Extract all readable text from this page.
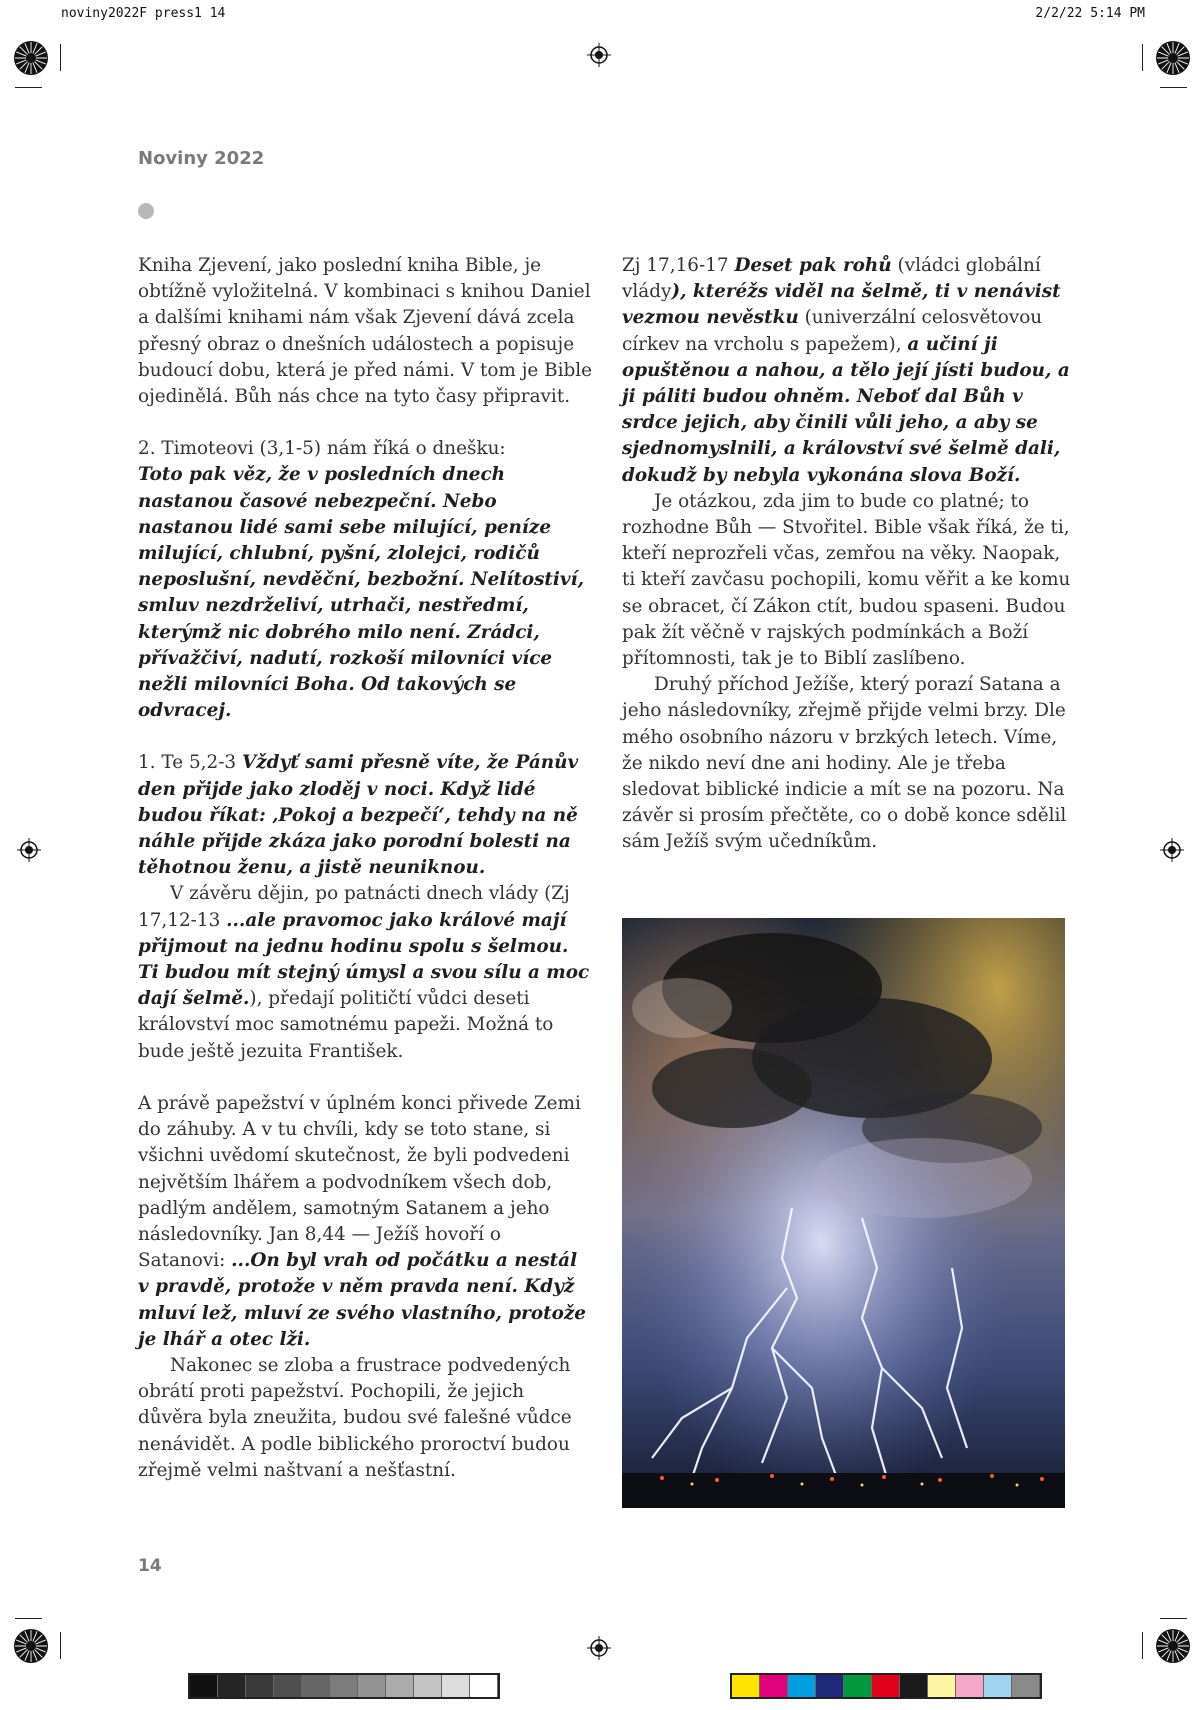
noviny2022F press1 14	2/2/22 5:14 PM
Noviny 2022

Kniha Zjevení, jako poslední kniha Bible, je obtížně vyložitelná. V kombinaci s knihou Daniel a dalšími knihami nám však Zjevení dává zcela přesný obraz o dnešních událostech a popisuje budoucí dobu, která je před námi. V tom je Bible ojedinělá. Bůh nás chce na tyto časy připravit.

2. Timoteovi (3,1-5) nám říká o dnešku:
Toto pak věz, že v posledních dnech nastanou časové nebezpeční. Nebo nastanou lidé sami sebe milující, peníze milující, chlubní, pyšní, zlolejci, rodičů neposlušní, nevděční, bezbožní. Nelítostiví, smluv nezdrželiví, utrhači, nestředmí, kterýmž nic dobrého milo není. Zrádci, přívažčiví, nadutí, rozkoší milovníci více nežli milovníci Boha. Od takových se odvracej.

1. Te 5,2-3 Vždyť sami přesně víte, že Pánův den přijde jako zloděj v noci. Když lidé budou říkat: ‚Pokoj a bezpečí‘, tehdy na ně náhle přijde zkáza jako porodní bolesti na těhotnou ženu, a jistě neuniknou.

V závěru dějin, po patnácti dnech vlády (Zj 17,12-13 ...ale pravomoc jako králové mají přijmout na jednu hodinu spolu s šelmou. Ti budou mít stejný úmysl a svou sílu a moc dají šelmě.), předají političtí vůdci deseti království moc samotnému papeži. Možná to bude ještě jezuita František.

A právě papežství v úplném konci přivede Zemi do záhuby. A v tu chvíli, kdy se toto stane, si všichni uvědomí skutečnost, že byli podvedeni největším lhářem a podvodníkem všech dob, padlým andělem, samotným Satanem a jeho následovníky. Jan 8,44 — Ježíš hovoří o Satanovi: ...On byl vrah od počátku a nestál v pravdě, protože v něm pravda není. Když mluví lež, mluví ze svého vlastního, protože je lhář a otec lži.

Nakonec se zloba a frustrace podvedených obrátí proti papežství. Pochopili, že jejich důvěra byla zneužita, budou své falešné vůdce nenávidět. A podle biblického proroctví budou zřejmě velmi naštvaní a nešťastní.

Zj 17,16-17 Deset pak rohů (vládci globální vlády), kteréžs viděl na šelmě, ti v nenávist vezmou nevěstku (univerzální celosvětovou církev na vrcholu s papežem), a učiní ji opuštěnou a nahou, a tělo její jísti budou, a ji páliti budou ohněm. Neboť dal Bůh v srdce jejich, aby činili vůli jeho, a aby se sjednomyslnili, a království své šelmě dali, dokudž by nebyla vykonána slova Boží.

Je otázkou, zda jim to bude co platné; to rozhodne Bůh — Stvořitel. Bible však říká, že ti, kteří neprozřeli včas, zemřou na věky. Naopak, ti kteří zavčasu pochopili, komu věřit a ke komu se obracet, čí Zákon ctít, budou spaseni. Budou pak žít věčně v rajských podmínkách a Boží přítomnosti, tak je to Biblí zaslíbeno.

Druhý příchod Ježíše, který porazí Satana a jeho následovníky, zřejmě přijde velmi brzy. Dle mého osobního názoru v brzkých letech. Víme, že nikdo neví dne ani hodiny. Ale je třeba sledovat biblické indicie a mít se na pozoru. Na závěr si prosím přečtěte, co o době konce sdělil sám Ježíš svým učedníkům.

14
